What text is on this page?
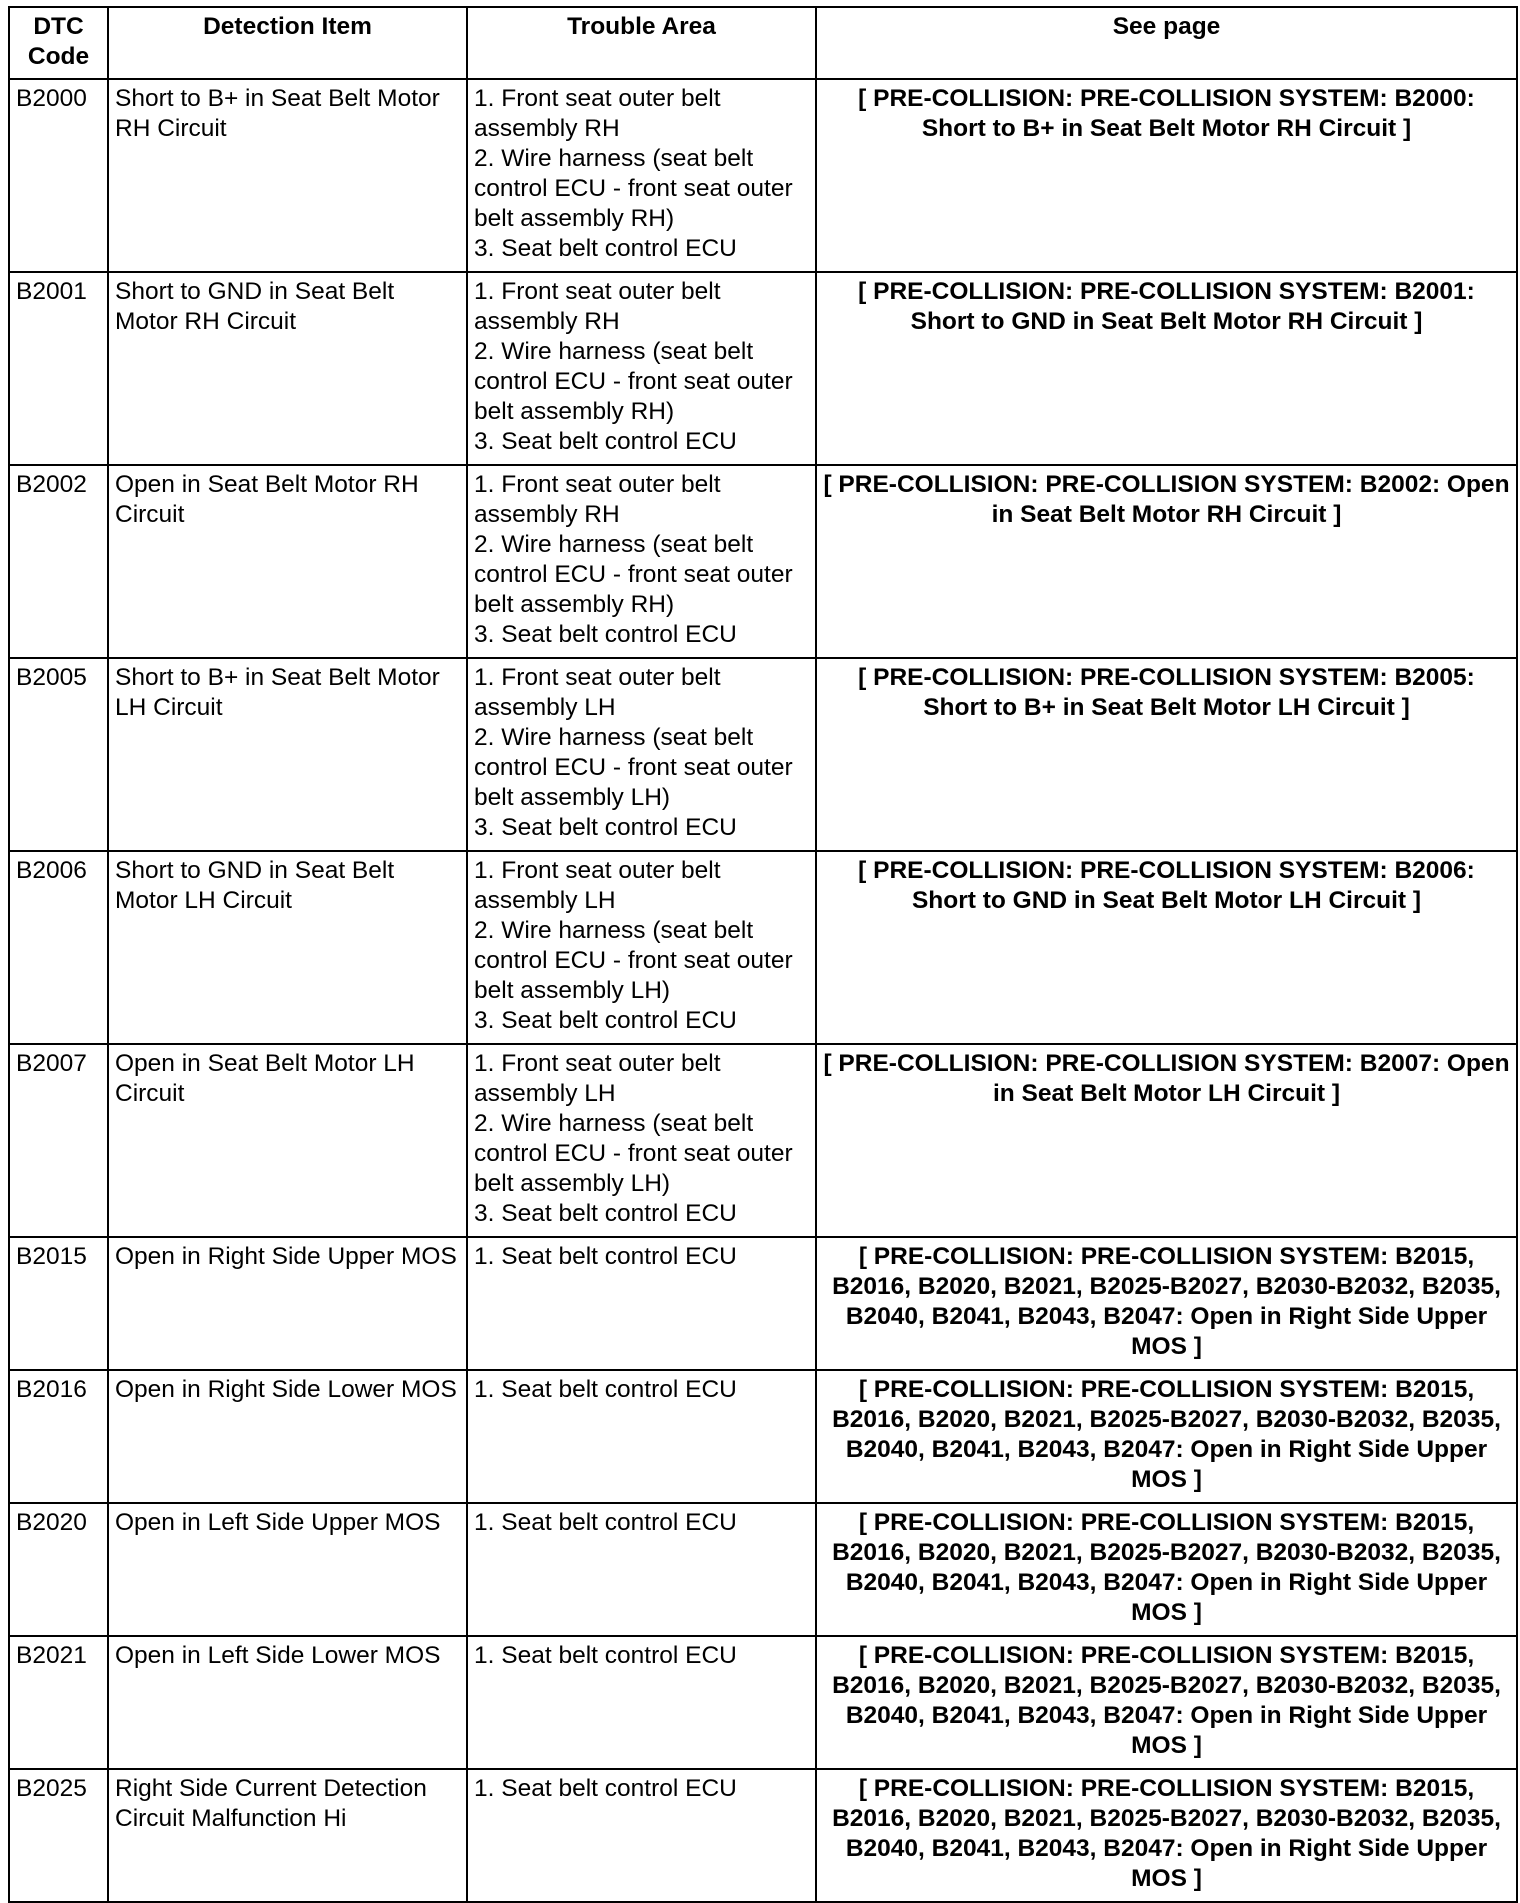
DTC Code	Detection Item	Trouble Area	See page
B2000	Short to B+ in Seat Belt Motor RH Circuit	1. Front seat outer belt assembly RH
2. Wire harness (seat belt control ECU - front seat outer belt assembly RH)
3. Seat belt control ECU	[ PRE-COLLISION: PRE-COLLISION SYSTEM: B2000: Short to B+ in Seat Belt Motor RH Circuit ]
B2001	Short to GND in Seat Belt Motor RH Circuit	1. Front seat outer belt assembly RH
2. Wire harness (seat belt control ECU - front seat outer belt assembly RH)
3. Seat belt control ECU	[ PRE-COLLISION: PRE-COLLISION SYSTEM: B2001: Short to GND in Seat Belt Motor RH Circuit ]
B2002	Open in Seat Belt Motor RH Circuit	1. Front seat outer belt assembly RH
2. Wire harness (seat belt control ECU - front seat outer belt assembly RH)
3. Seat belt control ECU	[ PRE-COLLISION: PRE-COLLISION SYSTEM: B2002: Open in Seat Belt Motor RH Circuit ]
B2005	Short to B+ in Seat Belt Motor LH Circuit	1. Front seat outer belt assembly LH
2. Wire harness (seat belt control ECU - front seat outer belt assembly LH)
3. Seat belt control ECU	[ PRE-COLLISION: PRE-COLLISION SYSTEM: B2005: Short to B+ in Seat Belt Motor LH Circuit ]
B2006	Short to GND in Seat Belt Motor LH Circuit	1. Front seat outer belt assembly LH
2. Wire harness (seat belt control ECU - front seat outer belt assembly LH)
3. Seat belt control ECU	[ PRE-COLLISION: PRE-COLLISION SYSTEM: B2006: Short to GND in Seat Belt Motor LH Circuit ]
B2007	Open in Seat Belt Motor LH Circuit	1. Front seat outer belt assembly LH
2. Wire harness (seat belt control ECU - front seat outer belt assembly LH)
3. Seat belt control ECU	[ PRE-COLLISION: PRE-COLLISION SYSTEM: B2007: Open in Seat Belt Motor LH Circuit ]
B2015	Open in Right Side Upper MOS	1. Seat belt control ECU	[ PRE-COLLISION: PRE-COLLISION SYSTEM: B2015, B2016, B2020, B2021, B2025-B2027, B2030-B2032, B2035, B2040, B2041, B2043, B2047: Open in Right Side Upper MOS ]
B2016	Open in Right Side Lower MOS	1. Seat belt control ECU	[ PRE-COLLISION: PRE-COLLISION SYSTEM: B2015, B2016, B2020, B2021, B2025-B2027, B2030-B2032, B2035, B2040, B2041, B2043, B2047: Open in Right Side Upper MOS ]
B2020	Open in Left Side Upper MOS	1. Seat belt control ECU	[ PRE-COLLISION: PRE-COLLISION SYSTEM: B2015, B2016, B2020, B2021, B2025-B2027, B2030-B2032, B2035, B2040, B2041, B2043, B2047: Open in Right Side Upper MOS ]
B2021	Open in Left Side Lower MOS	1. Seat belt control ECU	[ PRE-COLLISION: PRE-COLLISION SYSTEM: B2015, B2016, B2020, B2021, B2025-B2027, B2030-B2032, B2035, B2040, B2041, B2043, B2047: Open in Right Side Upper MOS ]
B2025	Right Side Current Detection Circuit Malfunction Hi	1. Seat belt control ECU	[ PRE-COLLISION: PRE-COLLISION SYSTEM: B2015, B2016, B2020, B2021, B2025-B2027, B2030-B2032, B2035, B2040, B2041, B2043, B2047: Open in Right Side Upper MOS ]
